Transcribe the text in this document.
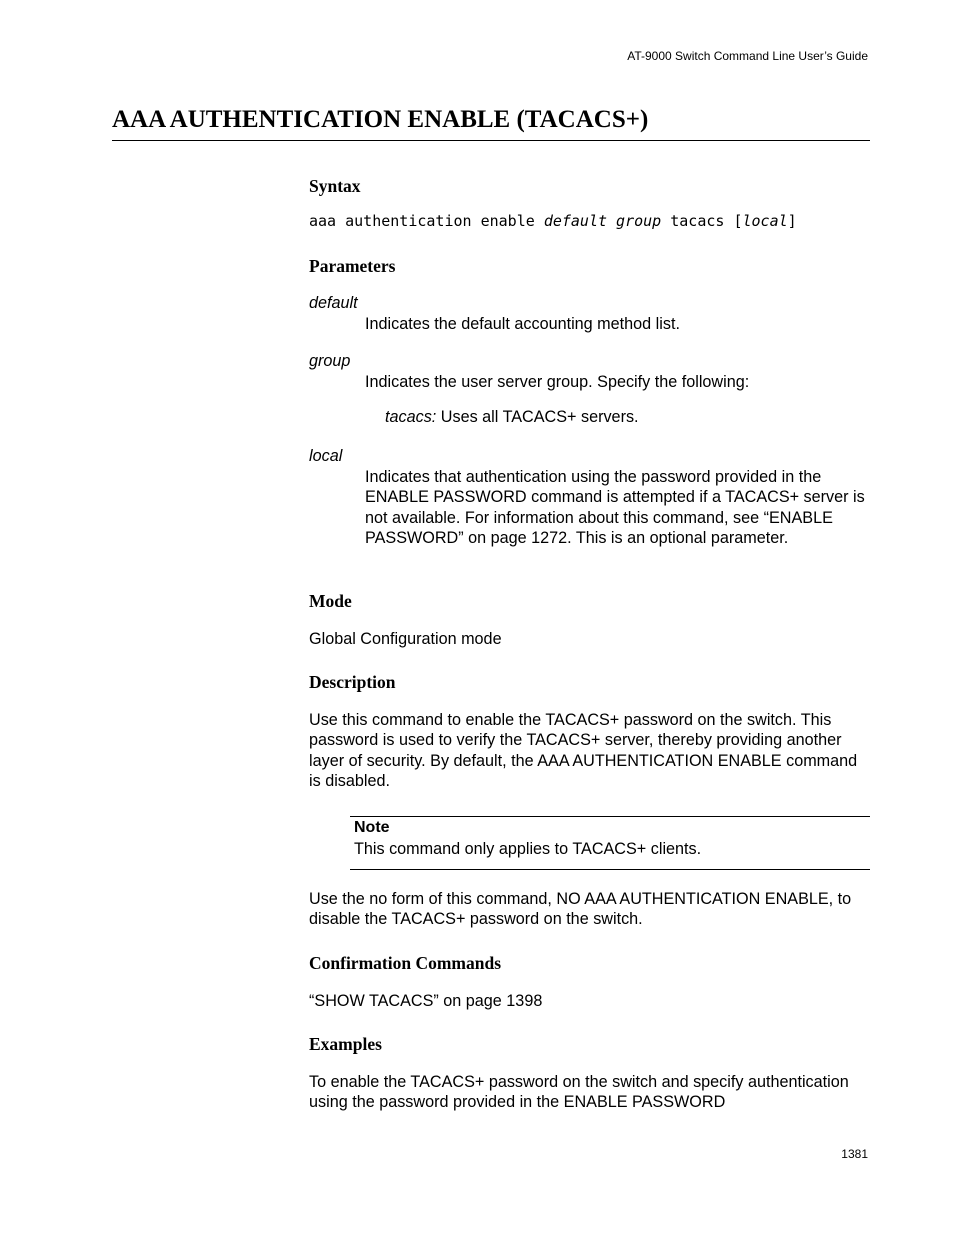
AT-9000 Switch Command Line User’s Guide
AAA AUTHENTICATION ENABLE (TACACS+)
Syntax
aaa authentication enable default group tacacs [local]
Parameters
default
Indicates the default accounting method list.
group
Indicates the user server group. Specify the following:
tacacs: Uses all TACACS+ servers.
local
Indicates that authentication using the password provided in the ENABLE PASSWORD command is attempted if a TACACS+ server is not available. For information about this command, see “ENABLE PASSWORD” on page 1272. This is an optional parameter.
Mode
Global Configuration mode
Description
Use this command to enable the TACACS+ password on the switch. This password is used to verify the TACACS+ server, thereby providing another layer of security. By default, the AAA AUTHENTICATION ENABLE command is disabled.
Note
This command only applies to TACACS+ clients.
Use the no form of this command, NO AAA AUTHENTICATION ENABLE, to disable the TACACS+ password on the switch.
Confirmation Commands
“SHOW TACACS” on page 1398
Examples
To enable the TACACS+ password on the switch and specify authentication using the password provided in the ENABLE PASSWORD
1381
